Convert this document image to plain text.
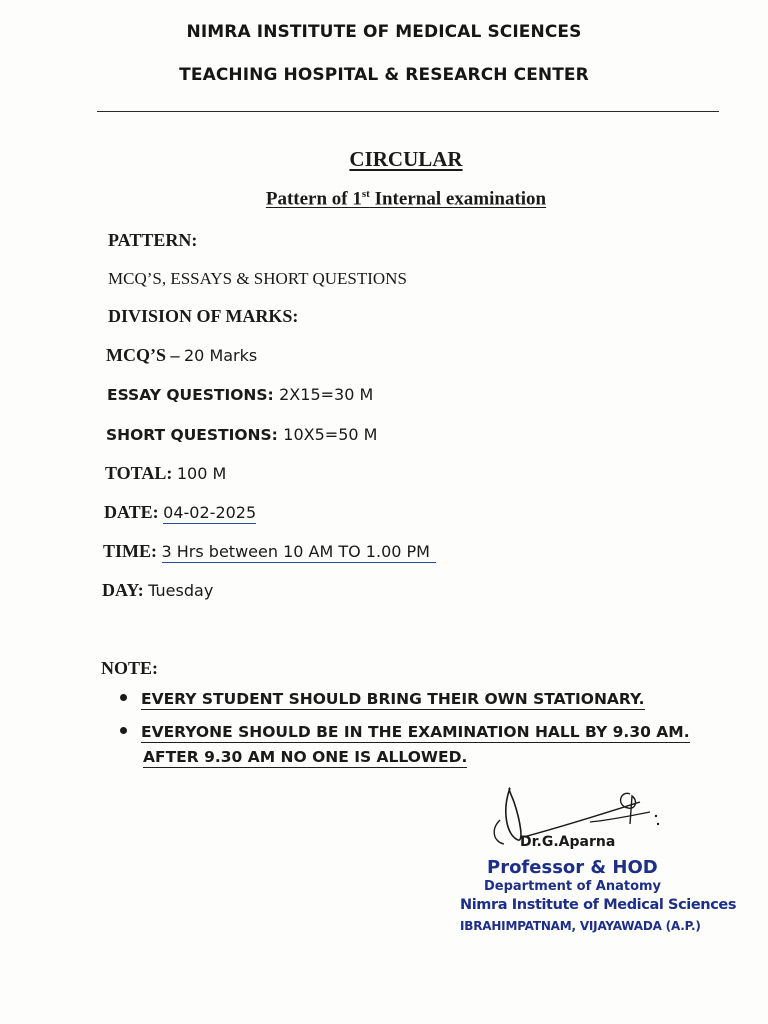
NIMRA INSTITUTE OF MEDICAL SCIENCES
TEACHING HOSPITAL & RESEARCH CENTER
CIRCULAR
Pattern of 1st Internal examination
PATTERN:
MCQ’S, ESSAYS & SHORT QUESTIONS
DIVISION OF MARKS:
MCQ’S – 20 Marks
ESSAY QUESTIONS: 2X15=30 M
SHORT QUESTIONS: 10X5=50 M
TOTAL: 100 M
DATE: 04-02-2025
TIME: 3 Hrs between 10 AM TO 1.00 PM
DAY: Tuesday
NOTE:
EVERY STUDENT SHOULD BRING THEIR OWN STATIONARY.
EVERYONE SHOULD BE IN THE EXAMINATION HALL BY 9.30 AM.
AFTER 9.30 AM NO ONE IS ALLOWED.
Dr.G.Aparna
Professor & HOD
Department of Anatomy
Nimra Institute of Medical Sciences
IBRAHIMPATNAM, VIJAYAWADA (A.P.)
